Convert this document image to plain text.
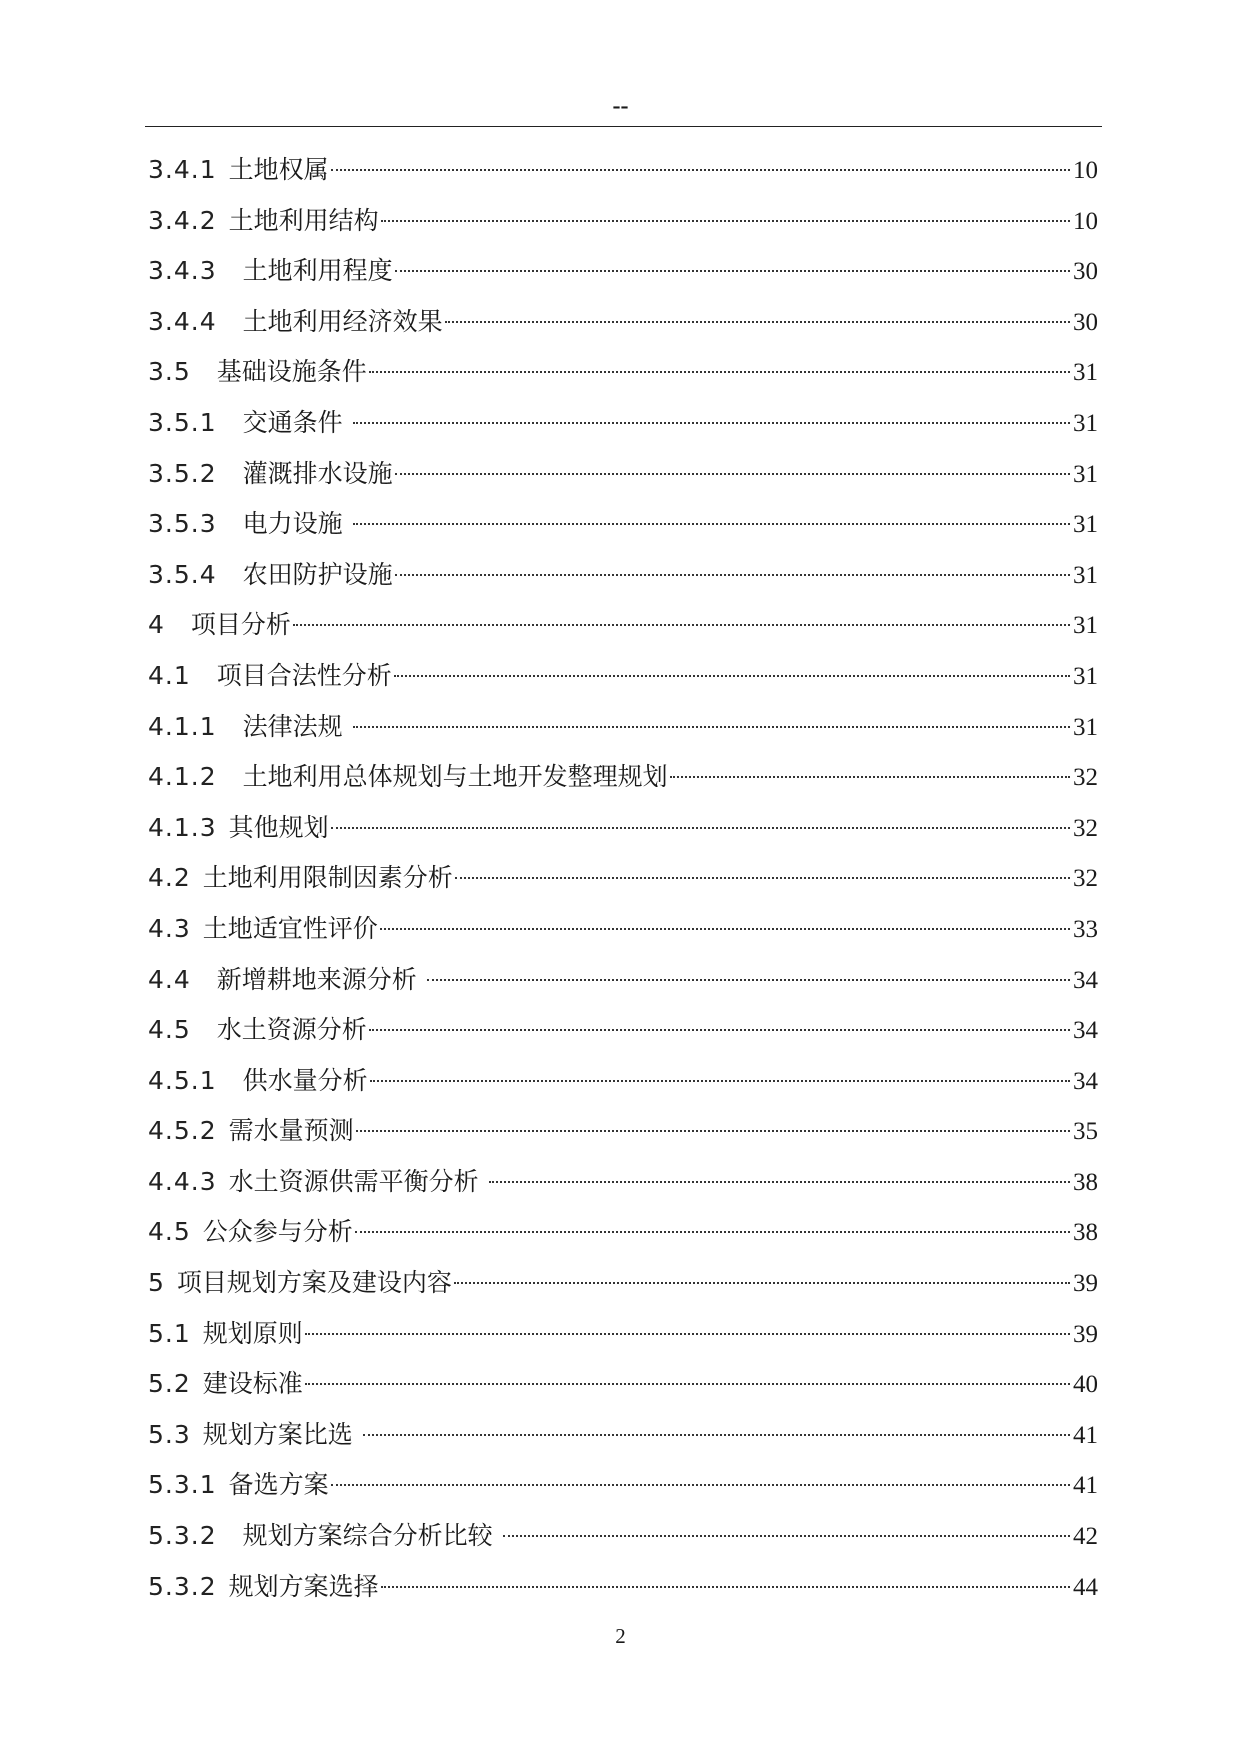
--
3.4.1 土地权属	10
3.4.2 土地利用结构	10
3.4.3 土地利用程度	30
3.4.4 土地利用经济效果	30
3.5 基础设施条件	31
3.5.1 交通条件	31
3.5.2 灌溉排水设施	31
3.5.3 电力设施	31
3.5.4 农田防护设施	31
4 项目分析	31
4.1 项目合法性分析	31
4.1.1 法律法规	31
4.1.2 土地利用总体规划与土地开发整理规划	32
4.1.3 其他规划	32
4.2 土地利用限制因素分析	32
4.3 土地适宜性评价	33
4.4 新增耕地来源分析	34
4.5 水土资源分析	34
4.5.1 供水量分析	34
4.5.2 需水量预测	35
4.4.3 水土资源供需平衡分析	38
4.5 公众参与分析	38
5 项目规划方案及建设内容	39
5.1 规划原则	39
5.2 建设标准	40
5.3 规划方案比选	41
5.3.1 备选方案	41
5.3.2 规划方案综合分析比较	42
5.3.2 规划方案选择	44
2
